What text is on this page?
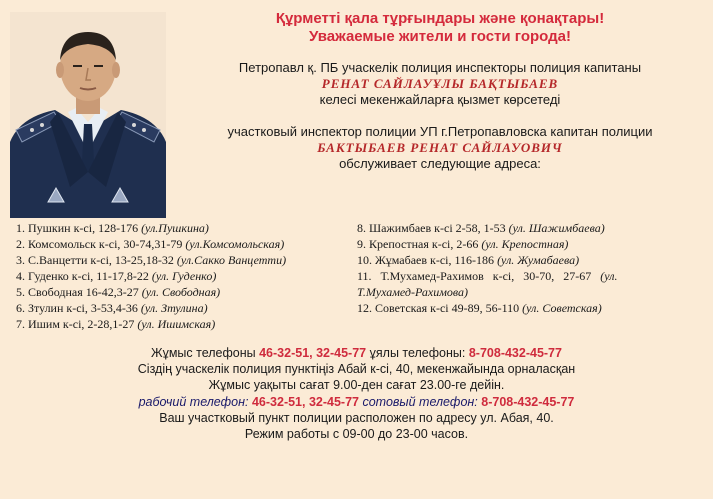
Құрметті қала тұрғындары және қонақтары!
Уважаемые жители и гости города!
Петропавл қ. ПБ учаскелік полиция инспекторы полиция капитаны
РЕНАТ САЙЛАУҰЛЫ БАҚТЫБАЕВ
келесі мекенжайларға қызмет көрсетеді
участковый инспектор полиции УП г.Петропавловска капитан полиции
БАКТЫБАЕВ РЕНАТ САЙЛАУОВИЧ
обслуживает следующие адреса:
1. Пушкин к-сі, 128-176 (ул.Пушкина)
2. Комсомольск к-сі, 30-74,31-79 (ул.Комсомольская)
3. С.Ванцетти к-сі, 13-25,18-32 (ул.Сакко Ванцетти)
4. Гуденко к-сі, 11-17,8-22 (ул. Гуденко)
5. Свободная 16-42,3-27 (ул. Свободная)
6. Зтулин к-сі, 3-53,4-36 (ул. Зтулина)
7. Ишим к-сі, 2-28,1-27 (ул. Ишимская)
8. Шажимбаев к-сі 2-58, 1-53 (ул. Шажимбаева)
9. Крепостная к-сі, 2-66 (ул. Крепостная)
10. Жұмабаев к-сі, 116-186 (ул. Жумабаева)
11. Т.Мухамед-Рахимов к-сі, 30-70, 27-67 (ул.
Т.Мухамед-Рахимова)
12. Советская к-сі 49-89, 56-110 (ул. Советская)
Жұмыс телефоны 46-32-51, 32-45-77 ұялы телефоны: 8-708-432-45-77
Сіздің учаскелік полиция пунктіңіз Абай к-сі, 40, мекенжайында орналасқан
Жұмыс уақыты сағат 9.00-ден сағат 23.00-ге дейін.
рабочий телефон: 46-32-51, 32-45-77 сотовый телефон: 8-708-432-45-77
Ваш участковый пункт полиции расположен по адресу ул. Абая, 40.
Режим работы с 09-00 до 23-00 часов.
